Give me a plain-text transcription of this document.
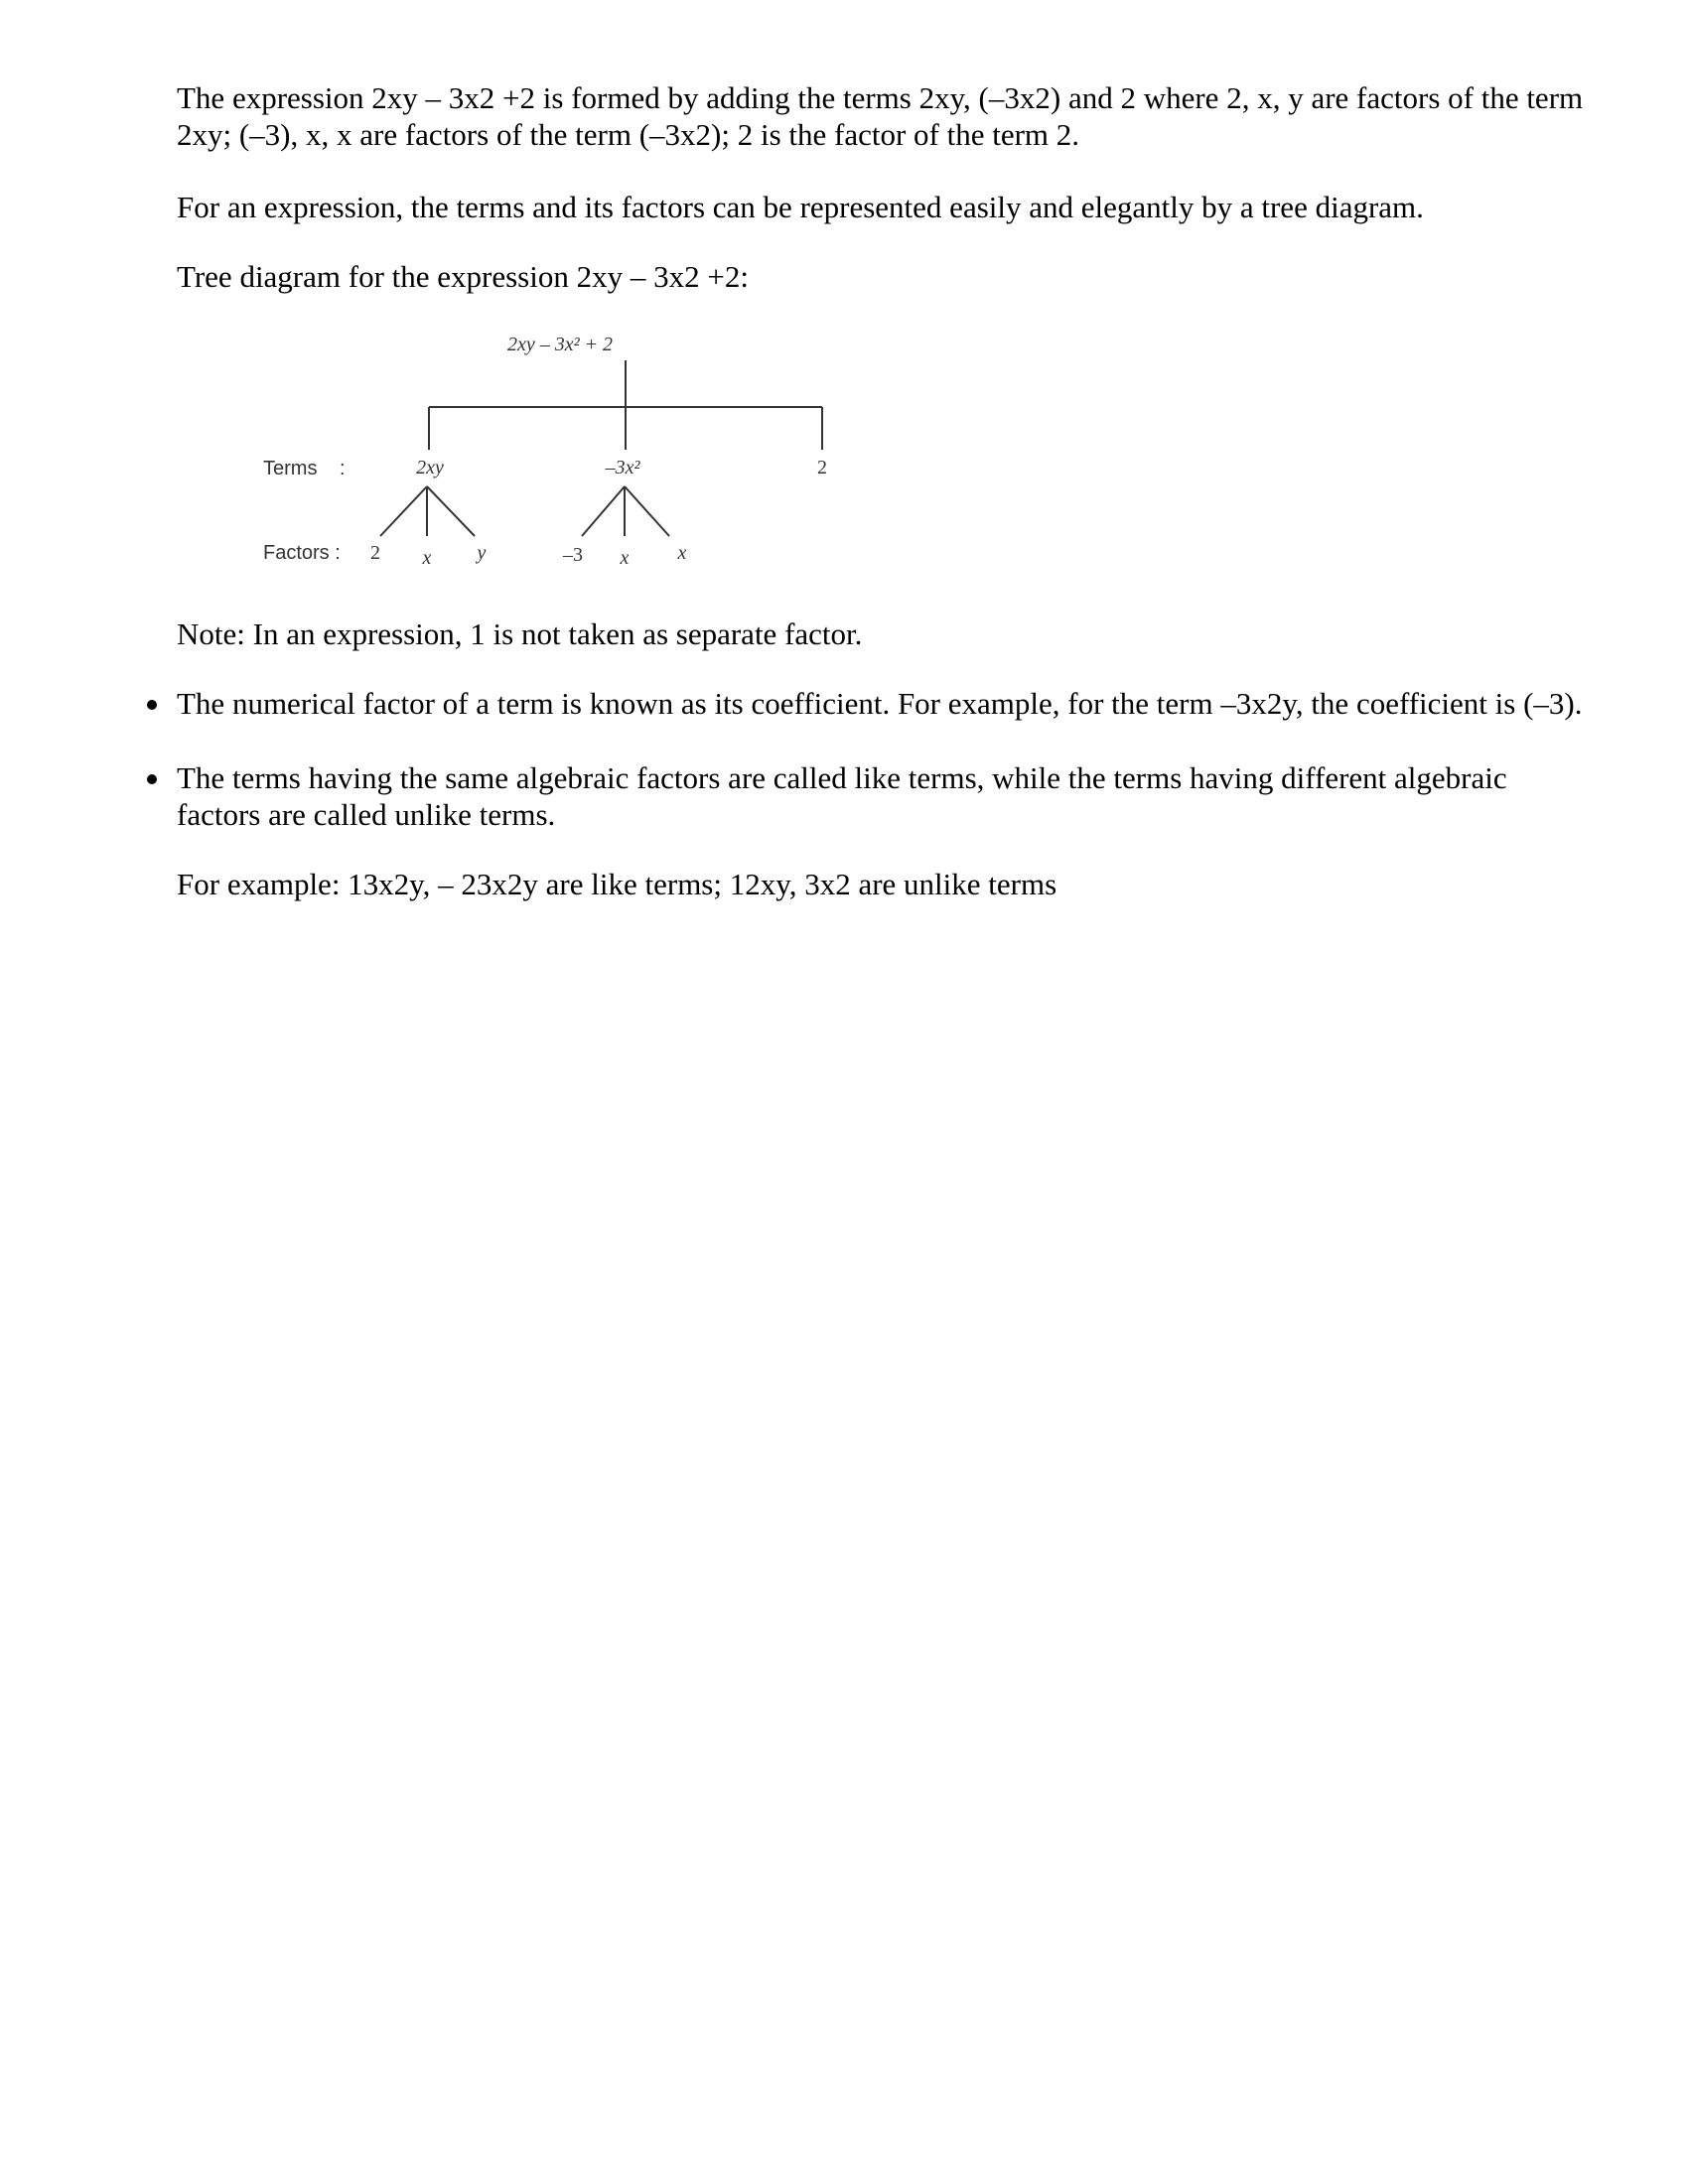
The expression 2xy – 3x2 +2 is formed by adding the terms 2xy, (–3x2) and 2 where 2, x, y are factors of the term 2xy; (–3), x, x are factors of the term (–3x2); 2 is the factor of the term 2.

For an expression, the terms and its factors can be represented easily and elegantly by a tree diagram.

Tree diagram for the expression 2xy – 3x2 +2:

2xy – 3x² + 2
Terms :
Factors :
2xy	–3x²	2
2 x y	–3 x x

Note: In an expression, 1 is not taken as separate factor.

The numerical factor of a term is known as its coefficient. For example, for the term –3x2y, the coefficient is (–3).
The terms having the same algebraic factors are called like terms, while the terms having different algebraic factors are called unlike terms.

For example: 13x2y, – 23x2y are like terms; 12xy, 3x2 are unlike terms
